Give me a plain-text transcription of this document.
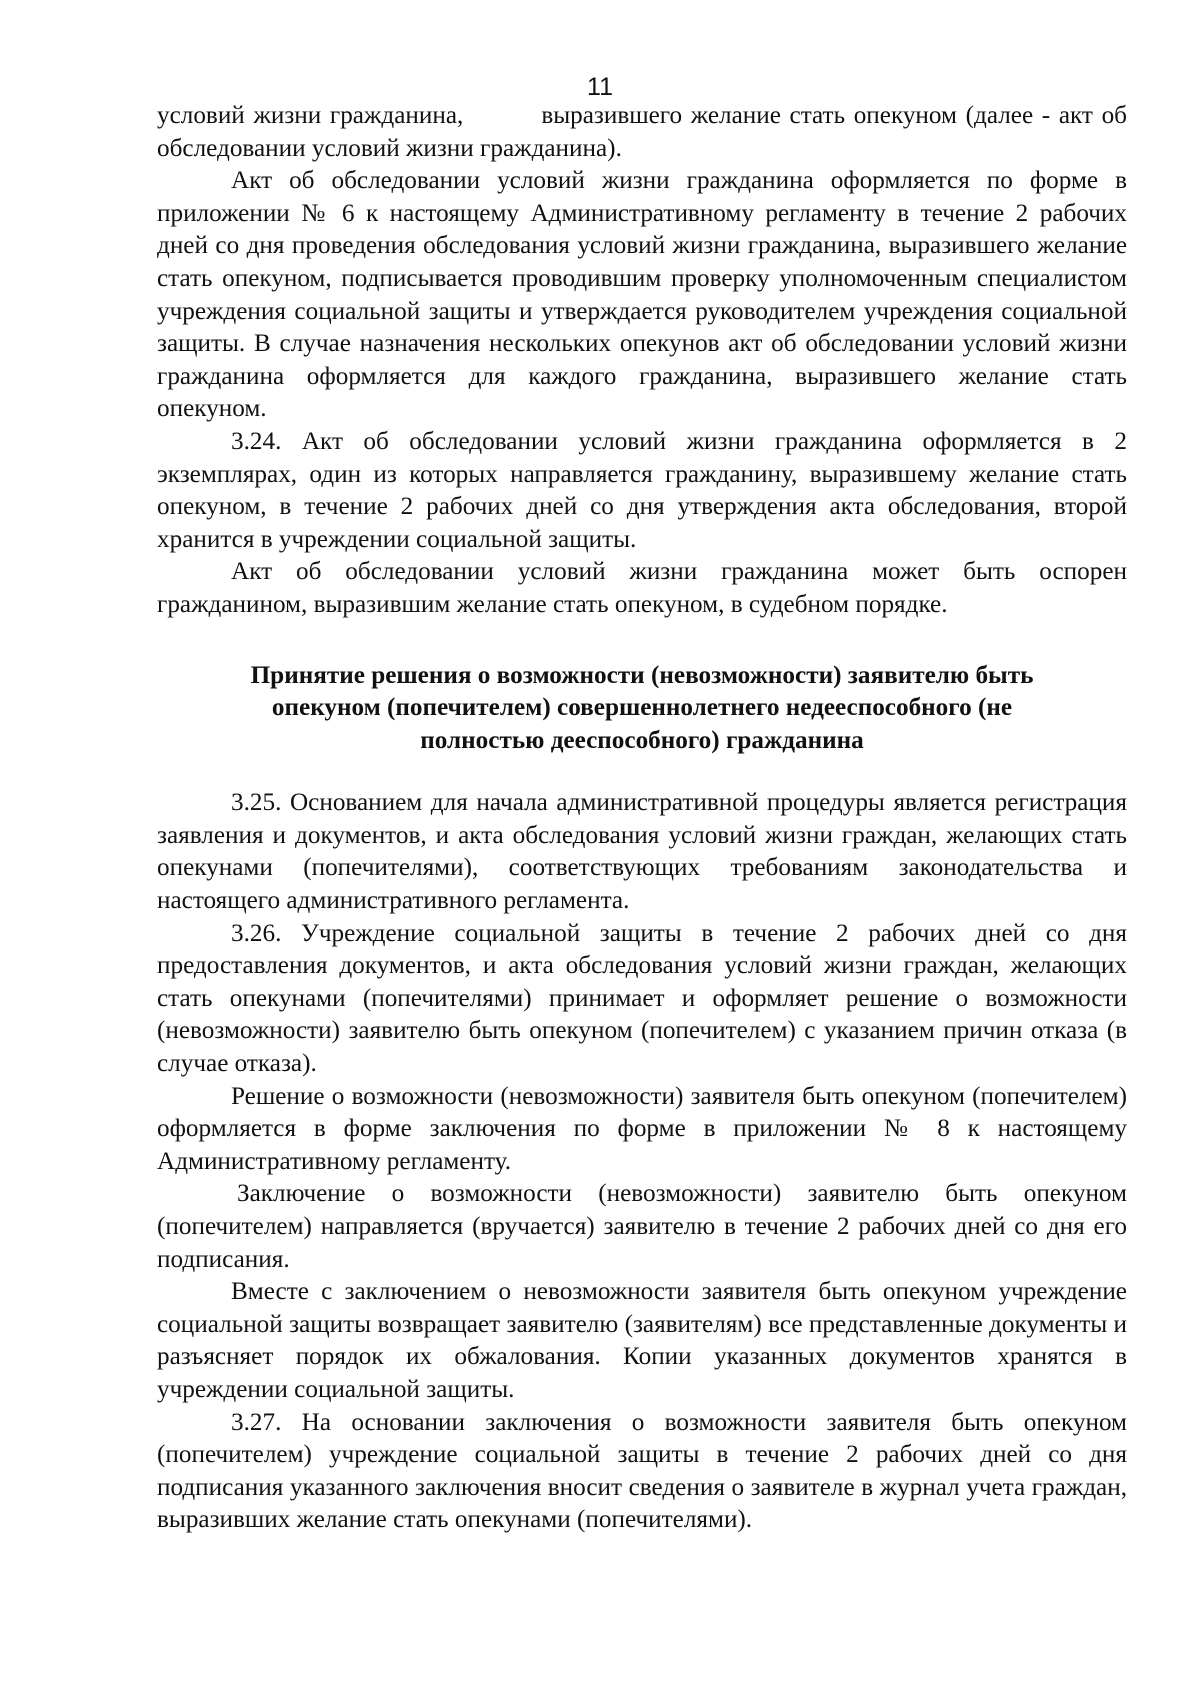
11

условий жизни гражданина,	выразившего желание стать опекуном (далее - акт об обследовании условий жизни гражданина).

Акт об обследовании условий жизни гражданина оформляется по форме в приложении № 6 к настоящему Административному регламенту в течение 2 рабочих дней со дня проведения обследования условий жизни гражданина, выразившего желание стать опекуном, подписывается проводившим проверку уполномоченным специалистом учреждения социальной защиты и утверждается руководителем учреждения социальной защиты. В случае назначения нескольких опекунов акт об обследовании условий жизни гражданина оформляется для каждого гражданина, выразившего желание стать опекуном.

3.24. Акт об обследовании условий жизни гражданина оформляется в 2 экземплярах, один из которых направляется гражданину, выразившему желание стать опекуном, в течение 2 рабочих дней со дня утверждения акта обследования, второй хранится в учреждении социальной защиты.

Акт об обследовании условий жизни гражданина может быть оспорен гражданином, выразившим желание стать опекуном, в судебном порядке.

Принятие решения о возможности (невозможности) заявителю быть
опекуном (попечителем) совершеннолетнего недееспособного (не
полностью дееспособного) гражданина

3.25. Основанием для начала административной процедуры является регистрация заявления и документов, и акта обследования условий жизни граждан, желающих стать опекунами (попечителями), соответствующих требованиям законодательства и настоящего административного регламента.

3.26. Учреждение социальной защиты в течение 2 рабочих дней со дня предоставления документов, и акта обследования условий жизни граждан, желающих стать опекунами (попечителями) принимает и оформляет решение о возможности (невозможности) заявителю быть опекуном (попечителем) с указанием причин отказа (в случае отказа).

Решение о возможности (невозможности) заявителя быть опекуном (попечителем) оформляется в форме заключения по форме в приложении № 8 к настоящему Административному регламенту.

Заключение о возможности (невозможности) заявителю быть опекуном (попечителем) направляется (вручается) заявителю в течение 2 рабочих дней со дня его подписания.

Вместе с заключением о невозможности заявителя быть опекуном учреждение социальной защиты возвращает заявителю (заявителям) все представленные документы и разъясняет порядок их обжалования. Копии указанных документов хранятся в учреждении социальной защиты.

3.27. На основании заключения о возможности заявителя быть опекуном (попечителем) учреждение социальной защиты в течение 2 рабочих дней со дня подписания указанного заключения вносит сведения о заявителе в журнал учета граждан, выразивших желание стать опекунами (попечителями).
